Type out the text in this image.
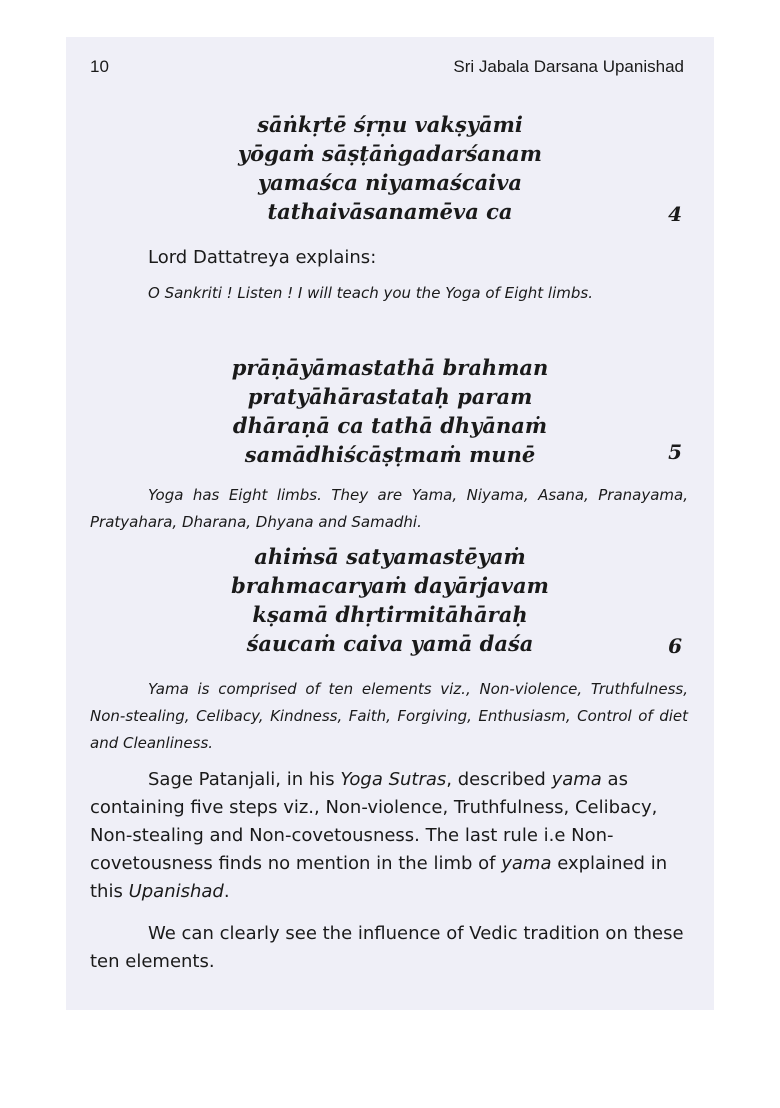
10	Sri Jabala Darsana Upanishad
sāṅkṛtē śṛṇu vakṣyāmi
yōgaṁ sāṣṭāṅgadarśanam
yamaśca niyamaścaiva
tathaivāsanamēva ca	4

Lord Dattatreya explains:

O Sankriti ! Listen ! I will teach you the Yoga of Eight limbs.

prāṇāyāmastathā brahman
pratyāhārastataḥ param
dhāraṇā ca tathā dhyānaṁ
samādhiścāṣṭmaṁ munē	5

Yoga has Eight limbs. They are Yama, Niyama, Asana, Pranayama, Pratyahara, Dharana, Dhyana and Samadhi.

ahiṁsā satyamastēyaṁ
brahmacaryaṁ dayārjavam
kṣamā dhṛtirmitāhāraḥ
śaucaṁ caiva yamā daśa	6

Yama is comprised of ten elements viz., Non-violence, Truthfulness, Non-stealing, Celibacy, Kindness, Faith, Forgiving, Enthusiasm, Control of diet and Cleanliness.

Sage Patanjali, in his Yoga Sutras, described yama as containing five steps viz., Non-violence, Truthfulness, Celibacy, Non-stealing and Non-covetousness. The last rule i.e Non-covetousness finds no mention in the limb of yama explained in this Upanishad.

We can clearly see the influence of Vedic tradition on these ten elements.
